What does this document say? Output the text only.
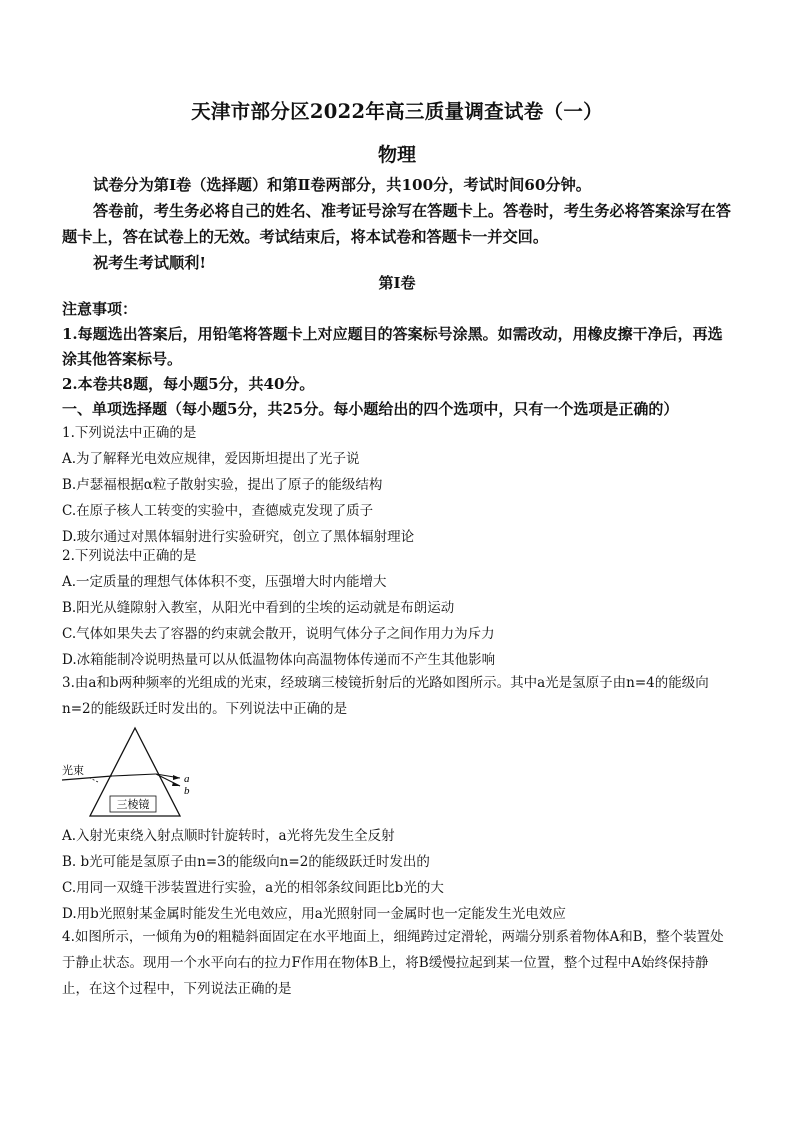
天津市部分区2022年高三质量调查试卷（一）
物理

试卷分为第Ⅰ卷（选择题）和第Ⅱ卷两部分，共100分，考试时间60分钟。

答卷前，考生务必将自己的姓名、准考证号涂写在答题卡上。答卷时，考生务必将答案涂写在答题卡上，答在试卷上的无效。考试结束后，将本试卷和答题卡一并交回。

祝考生考试顺利!

第Ⅰ卷

注意事项：

1.每题选出答案后，用铅笔将答题卡上对应题目的答案标号涂黑。如需改动，用橡皮擦干净后，再选涂其他答案标号。

2.本卷共8题，每小题5分，共40分。

一、单项选择题（每小题5分，共25分。每小题给出的四个选项中，只有一个选项是正确的）

1.下列说法中正确的是

A.为了解释光电效应规律，爱因斯坦提出了光子说

B.卢瑟福根据α粒子散射实验，提出了原子的能级结构

C.在原子核人工转变的实验中，查德威克发现了质子

D.玻尔通过对黑体辐射进行实验研究，创立了黑体辐射理论

2.下列说法中正确的是

A.一定质量的理想气体体积不变，压强增大时内能增大

B.阳光从缝隙射入教室，从阳光中看到的尘埃的运动就是布朗运动

C.气体如果失去了容器的约束就会散开，说明气体分子之间作用力为斥力

D.冰箱能制冷说明热量可以从低温物体向高温物体传递而不产生其他影响

3.由a和b两种频率的光组成的光束，经玻璃三棱镜折射后的光路如图所示。其中a光是氢原子由n=4的能级向n=2的能级跃迁时发出的。下列说法中正确的是

光束
a
b
三棱镜

A.入射光束绕入射点顺时针旋转时，a光将先发生全反射

B. b光可能是氢原子由n=3的能级向n=2的能级跃迁时发出的

C.用同一双缝干涉装置进行实验，a光的相邻条纹间距比b光的大

D.用b光照射某金属时能发生光电效应，用a光照射同一金属时也一定能发生光电效应

4.如图所示，一倾角为θ的粗糙斜面固定在水平地面上，细绳跨过定滑轮，两端分别系着物体A和B，整个装置处于静止状态。现用一个水平向右的拉力F作用在物体B上，将B缓慢拉起到某一位置，整个过程中A始终保持静止，在这个过程中，下列说法正确的是
